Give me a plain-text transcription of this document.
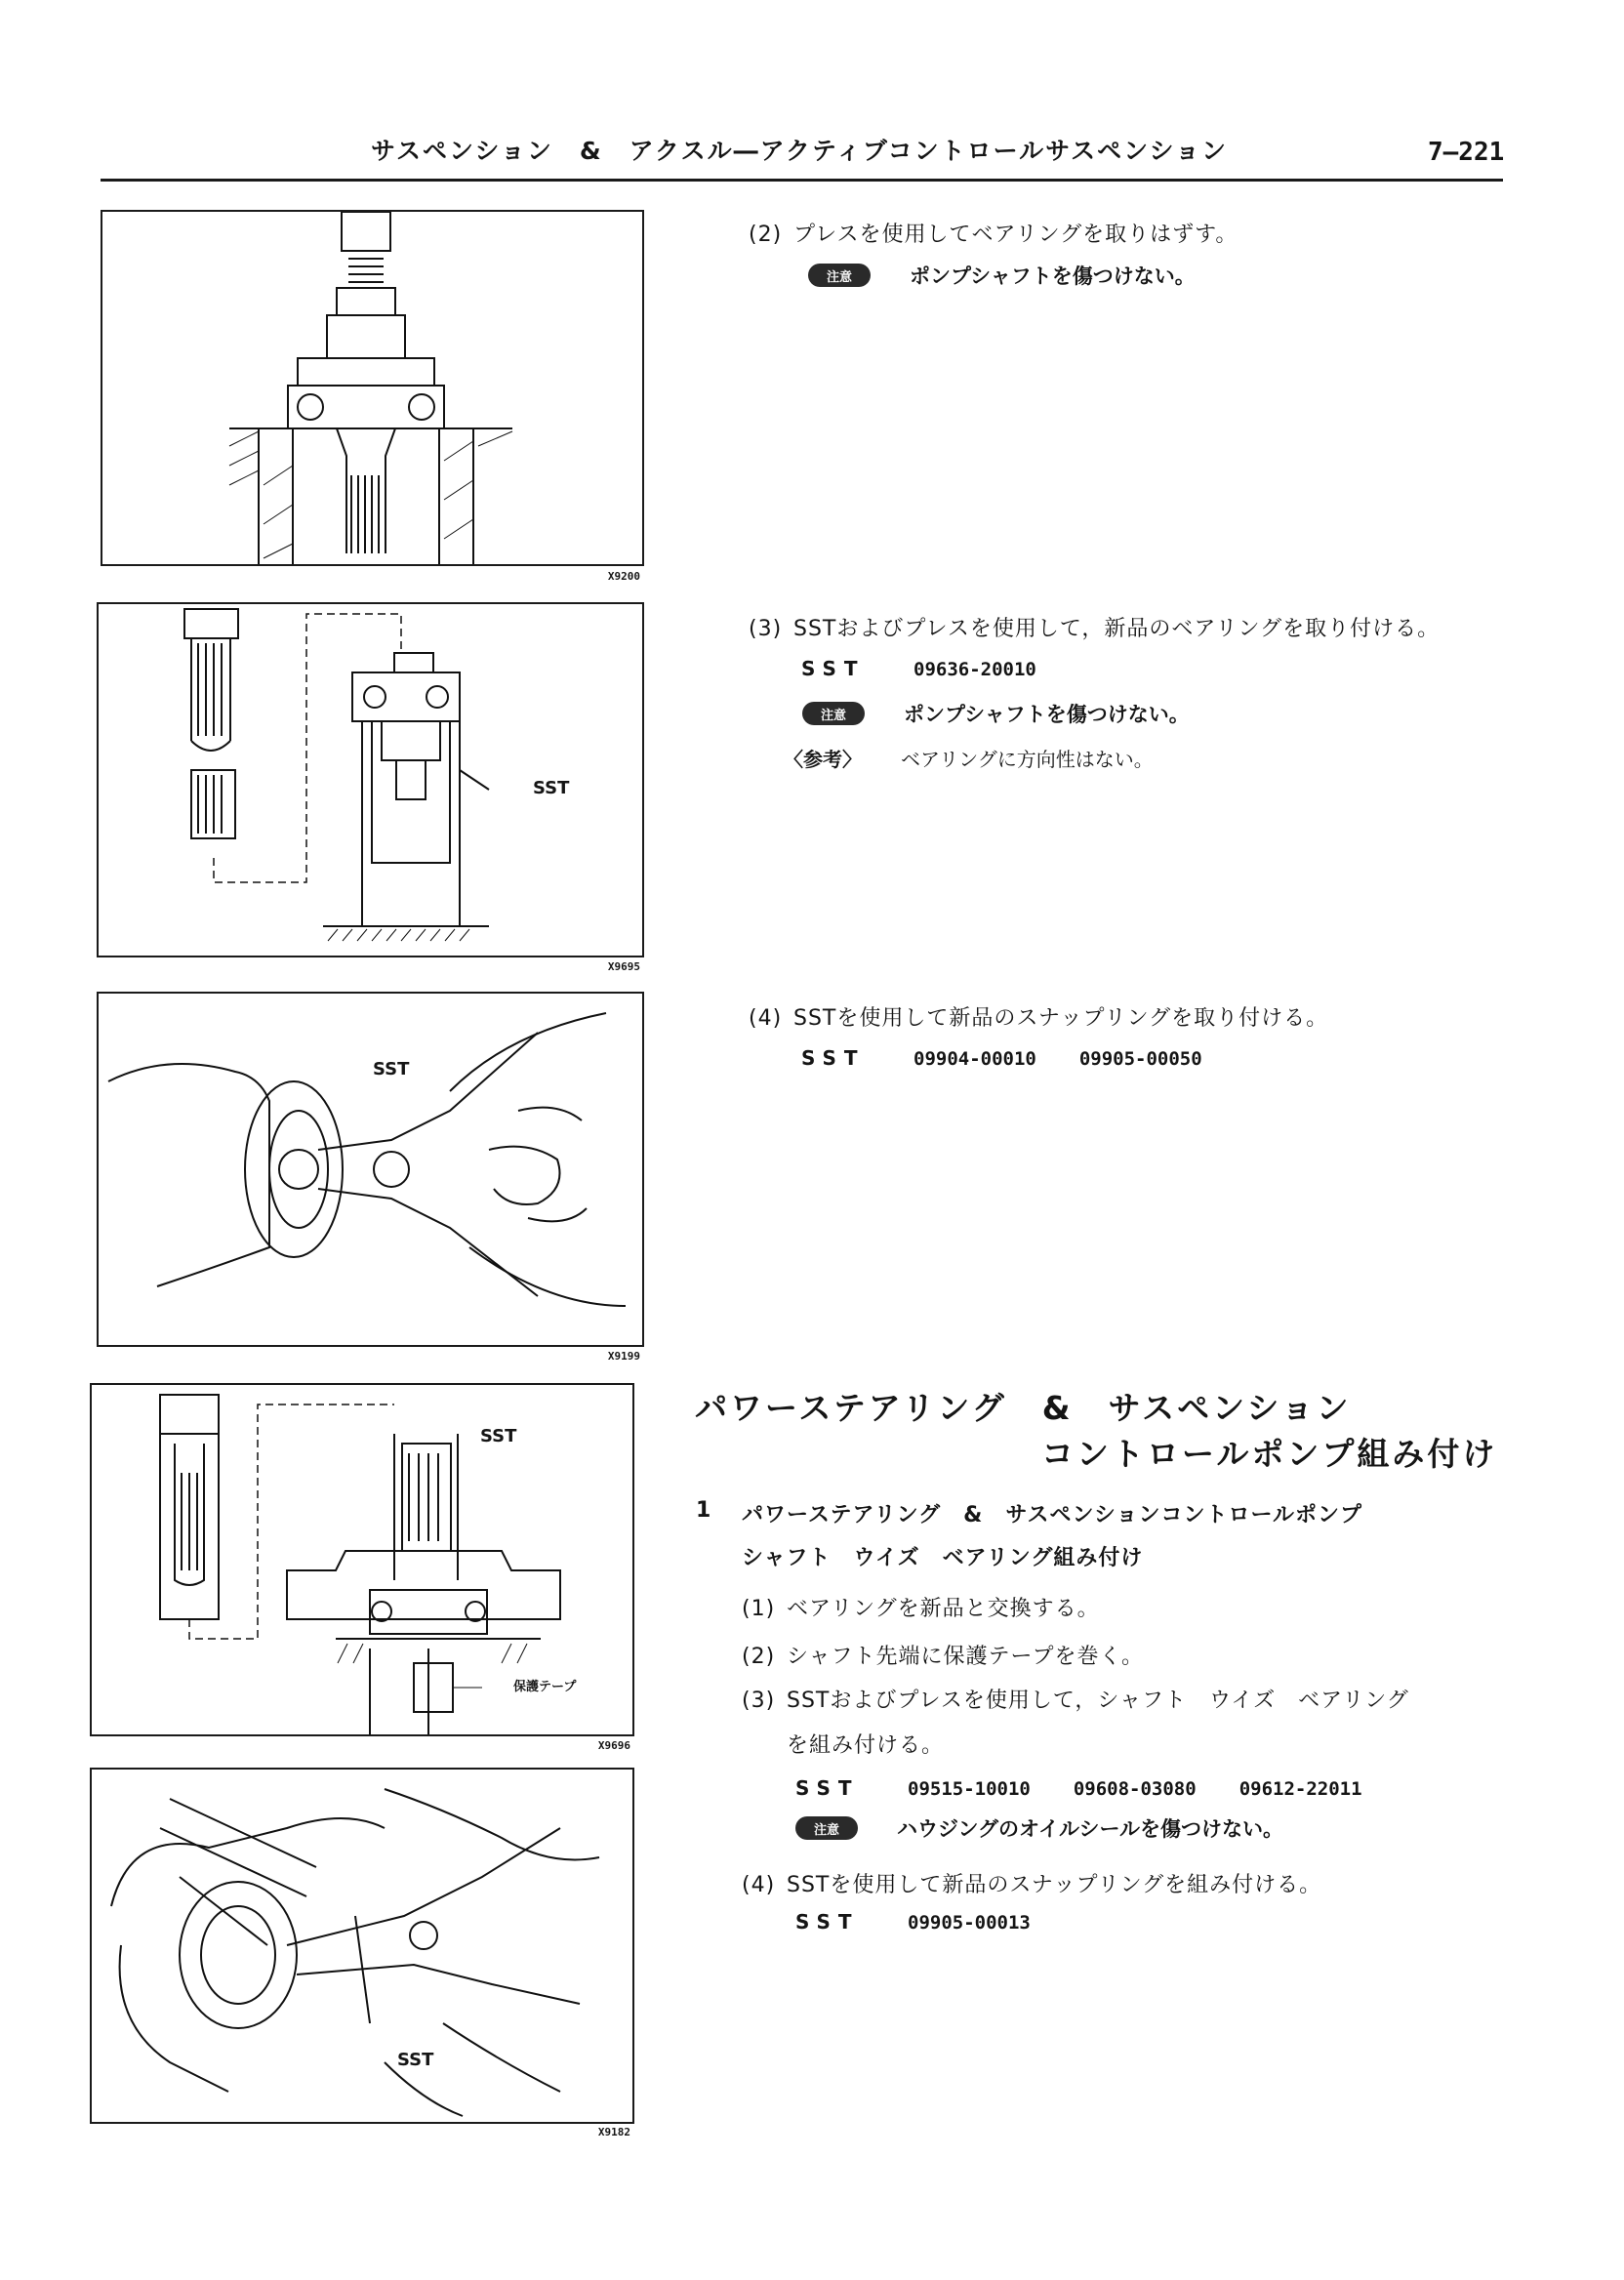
サスペンション　&　アクスル―アクティブコントロールサスペンション	7–221
X9200
SST
X9695
SST
X9199
SST
保護テープ
X9696
SST
X9182
(2) プレスを使用してベアリングを取りはずす。
注意	ポンプシャフトを傷つけない。
(3) SSTおよびプレスを使用して，新品のベアリングを取り付ける。
SST	09636-20010
注意	ポンプシャフトを傷つけない。
〈参考〉 ベアリングに方向性はない。
(4) SSTを使用して新品のスナップリングを取り付ける。
SST	09904-00010 09905-00050
パワーステアリング　&　サスペンション
コントロールポンプ組み付け
1 パワーステアリング　&　サスペンションコントロールポンプ
シャフト　ウイズ　ベアリング組み付け
(1) ベアリングを新品と交換する。
(2) シャフト先端に保護テープを巻く。
(3) SSTおよびプレスを使用して，シャフト　ウイズ　ベアリング
を組み付ける。
SST	09515-10010 09608-03080 09612-22011
注意	ハウジングのオイルシールを傷つけない。
(4) SSTを使用して新品のスナップリングを組み付ける。
SST	09905-00013
